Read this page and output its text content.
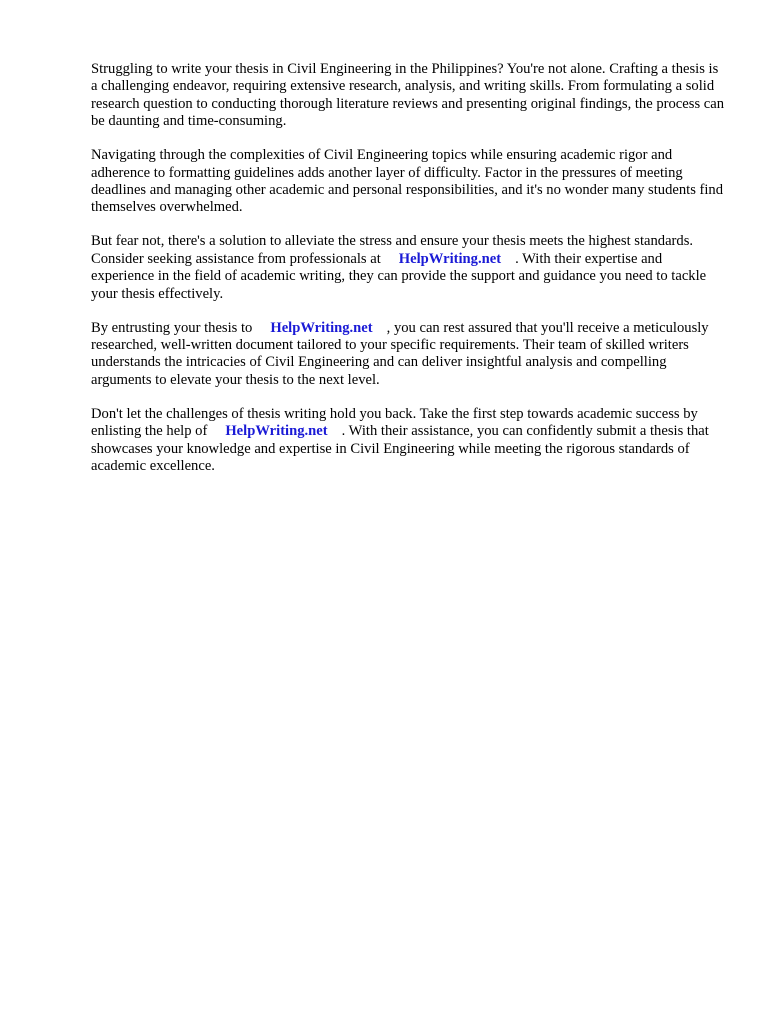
Struggling to write your thesis in Civil Engineering in the Philippines? You're not alone. Crafting a thesis is a challenging endeavor, requiring extensive research, analysis, and writing skills. From formulating a solid research question to conducting thorough literature reviews and presenting original findings, the process can be daunting and time-consuming.

Navigating through the complexities of Civil Engineering topics while ensuring academic rigor and adherence to formatting guidelines adds another layer of difficulty. Factor in the pressures of meeting deadlines and managing other academic and personal responsibilities, and it's no wonder many students find themselves overwhelmed.

But fear not, there's a solution to alleviate the stress and ensure your thesis meets the highest standards. Consider seeking assistance from professionals at HelpWriting.net . With their expertise and experience in the field of academic writing, they can provide the support and guidance you need to tackle your thesis effectively.

By entrusting your thesis to HelpWriting.net , you can rest assured that you'll receive a meticulously researched, well-written document tailored to your specific requirements. Their team of skilled writers understands the intricacies of Civil Engineering and can deliver insightful analysis and compelling arguments to elevate your thesis to the next level.

Don't let the challenges of thesis writing hold you back. Take the first step towards academic success by enlisting the help of HelpWriting.net . With their assistance, you can confidently submit a thesis that showcases your knowledge and expertise in Civil Engineering while meeting the rigorous standards of academic excellence.
